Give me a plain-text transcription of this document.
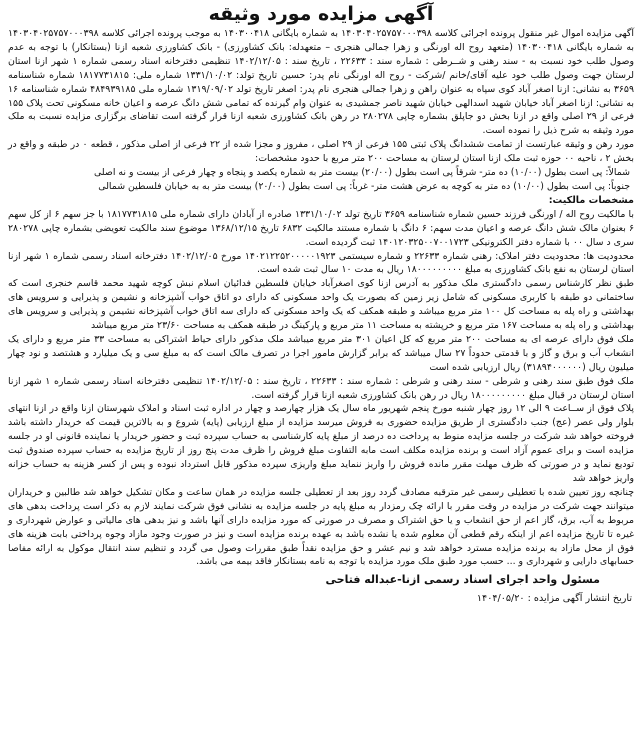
آگهی مزایده مورد وثیقه

آگهی مزایده اموال غیر منقول پرونده اجرائی کلاسه ۱۴۰۳۰۴۰۲۵۷۵۷۰۰۰۳۹۸ به شماره بایگانی ۱۴۰۳۰۰۴۱۸ به موجب پرونده اجرائی کلاسه ۱۴۰۳۰۴۰۲۵۷۵۷۰۰۰۳۹۸ به شماره بایگانی ۱۴۰۳۰۰۴۱۸ (متعهد روح اله اورنگی و زهرا جمالی هنجری – متعهدله: بانک کشاورزی) - بانک کشاورزی شعبه ازنا (بستانکار) با توجه به عدم وصول طلب خود نسبت به - سند رهنی و شــرطی : شماره سند : ۲۲۶۳۳ ، تاریخ سند : ۱۴۰۲/۱۲/۰۵ تنظیمی دفترخانه اسناد رسمی شماره ۱ شهر ازنا استان لرستان جهت وصول طلب خود علیه آقای/خانم /شرکت - روح اله اورنگی نام پدر: حسین تاریخ تولد: ۱۳۳۱/۱۰/۰۲ شماره ملی: ۱۸۱۷۷۳۱۸۱۵ شماره شناسنامه ۳۶۵۹ به نشانی: ازنا اصغر آباد کوی سپاه به عنوان راهن و زهرا جمالی هنجری نام پدر: اصغر تاریخ تولد ۱۳۱۹/۰۹/۰۲ شماره ملی ۴۸۴۹۳۹۱۸۵ شماره شناسنامه ۱۶ به نشانی: ازنا اصغر آباد خیابان شهید اسدالهی خیابان شهید ناصر جمشیدی به عنوان وام گیرنده که تمامی شش دانگ عرصه و اعیان خانه مسکونی تحت پلاک ۱۵۵ فرعی از ۲۹ اصلی واقع در ازنا بخش دو جاپلق بشماره چاپی ۲۸۰۲۷۸ در رهن بانک کشاورزی شعبه ازنا قرار گرفته است تقاضای برگزاری مزایده نسبت به ملک مورد وثیقه به شرح ذیل را نموده است.

مورد رهن و وثیقه عبارتست از تمامت ششدانگ پلاک ثبتی ۱۵۵ فرعی از ۲۹ اصلی ، مفروز و مجزا شده از ۲۲ فرعی از اصلی مذکور ، قطعه ۰ در طبقه و واقع در بخش ۲ ، ناحیه ۰۰ حوزه ثبت ملک ازنا استان لرستان به مساحت ۲۰۰ متر مربع با حدود مشخصات:

شمالاً: پی است بطول (۱۰/۰۰) ده متر- شرقاً پی است بطول (۲۰/۰۰) بیست متر به شماره یکصد و پنجاه و چهار فرعی از بیست و نه اصلی

جنوباً: پی است بطول (۱۰/۰۰) ده متر به کوچه به عرض هشت متر- غرباً: پی است بطول (۲۰/۰۰) بیست متر به به خیابان فلسطین شمالی

مشخصات مالکیت:

با مالکیت روح اله / اورنگی فرزند حسین شماره شناسنامه ۳۶۵۹ تاریخ تولد ۱۳۳۱/۱۰/۰۲ صادره از آبادان دارای شماره ملی ۱۸۱۷۷۳۱۸۱۵ با جز سهم ۶ از کل سهم ۶ بعنوان مالک شش دانگ عرصه و اعیان مدت سهم: ۶ دانگ با شماره مستند مالکیت ۶۸۳۲ تاریخ ۱۳۶۸/۱۲/۱۵ موضوع سند مالکیت تعویضی بشماره چاپی ۲۸۰۲۷۸ سری د سال ۰۰ با شماره دفتر الکترونیکی ۱۴۰۱۲۰۳۲۵۰۰۷۰۰۱۷۲۳ ثبت گردیده است.

محدودیت ها: محدودیت دفتر املاک: رهنی شماره ۲۲۶۳۳ و شماره سیستمی ۱۴۰۲۱۲۲۵۲۰۰۰۰۰۱۹۲۳ مورخ ۱۴۰۲/۱۲/۰۵ دفترخانه اسناد رسمی شماره ۱ شهر ازنا استان لرستان به نفع بانک کشاورزی به مبلغ ۱۸۰۰۰۰۰۰۰۰۰ ریال به مدت ۱۰ سال ثبت شده است.

طبق نظر کارشناس رسمی دادگستری ملک مذکور به آدرس ازنا کوی اصغرآباد خیابان فلسطین فدائیان اسلام نبش کوچه شهید محمد قاسم خنجری است که ساختمانی دو طبقه با کاربری مسکونی که شامل زیر زمین که بصورت یک واحد مسکونی که دارای دو اتاق خواب آشپزخانه و نشیمن و پذیرایی و سرویس های بهداشتی و راه پله به مساحت کل ۱۰۰ متر مربع میباشد و طبقه همکف که یک واحد مسکونی که دارای سه اتاق خواب آشپزخانه نشیمن و پذیرایی و سرویس های بهداشتی و راه پله به مساحت ۱۶۷ متر مربع و خرپشته به مساحت ۱۱ متر مربع و پارکینگ در طبقه همکف به مساحت ۲۳/۶۰ متر مربع میباشد

ملک فوق دارای عرصه ای به مساحت ۲۰۰ متر مربع که کل اعیان ۳۰۱ متر مربع میباشد ملک مذکور دارای حیاط اشتراکی به مساحت ۳۳ متر مربع و دارای یک انشعاب آب و برق و گاز و با قدمتی حدوداً ۲۷ سال میباشد که برابر گزارش مامور اجرا در تصرف مالک است که به مبلغ سی و یک میلیارد و هشتصد و نود چهار میلیون ریال (۳۱۸۹۴۰۰۰۰۰۰) ریال ارزیابی شده است

ملک فوق طبق سند رهنی و شرطی - سند رهنی و شرطی : شماره سند : ۲۲۶۳۳ ، تاریخ سند : ۱۴۰۲/۱۲/۰۵ تنظیمی دفترخانه اسناد رسمی شماره ۱ شهر ازنا استان لرستان در قبال مبلغ ۱۸۰۰۰۰۰۰۰۰۰ ریال در رهن بانک کشاورزی شعبه ازنا قرار گرفته است.

پلاک فوق از ســاعت ۹ الی ۱۲ روز چهار شنبه مورخ پنجم شهریور ماه سال یک هزار چهارصد و چهار در اداره ثبت اسناد و املاک شهرستان ازنا واقع در ازنا انتهای بلوار ولی عصر (عج) جنب دادگستری از طریق مزایده حضوری به فروش میرسد مزایده از مبلغ ارزیابی (پایه) شروع و به بالاترین قیمت که خریدار داشته باشد فروخته خواهد شد شرکت در جلسه مزایده منوط به پرداخت ده درصد از مبلغ پایه کارشناسی به حساب سپرده ثبت و حضور خریدار یا نماینده قانونی او در جلسه مزایده است و برای عموم آزاد است و برنده مزایده مکلف است مابه التفاوت مبلغ فروش را ظرف مدت پنج روز از تاریخ مزایده به حساب سپرده صندوق ثبت تودیع نماید و در صورتی که ظرف مهلت مقرر مانده فروش را واریز ننماید مبلغ واریزی سپرده مذکور قابل استرداد نبوده و پس از کسر هزینه به حساب خزانه واریز خواهد شد

چنانچه روز تعیین شده با تعطیلی رسمی غیر مترقبه مصادف گردد روز بعد از تعطیلی جلسه مزایده در همان ساعت و مکان تشکیل خواهد شد طالبین و خریداران میتوانند جهت شرکت در مزایده در وقت مقرر با ارائه چک رمزدار به مبلغ پایه در جلسه مزایده به نشانی فوق شرکت نمایند لازم به ذکر است پرداخت بدهی های مربوط به آب، برق، گاز اعم از حق انشعاب و یا حق اشتراک و مصرف در صورتی که مورد مزایده دارای آنها باشد و نیز بدهی های مالیاتی و عوارض شهرداری و غیره تا تاریخ مزایده اعم از اینکه رقم قطعی آن معلوم شده یا نشده باشد به عهده برنده مزایده است و نیز در صورت وجود مازاد وجوه پرداختی بابت هزینه های فوق از محل مازاد به برنده مزایده مسترد خواهد شد و نیم عشر و حق مزایده نقداً طبق مقررات وصول می گردد و تنظیم سند انتقال موکول به ارائه مفاصا حسابهای دارایی و شهرداری و ... حسب مورد طبق ملک مورد مزایده با توجه به نامه بستانکار فاقد بیمه می باشد.

مسئول واحد اجرای اسناد رسمی ازنا-عبداله فتاحی
تاریخ انتشار آگهی مزایده : ۱۴۰۴/۰۵/۲۰
